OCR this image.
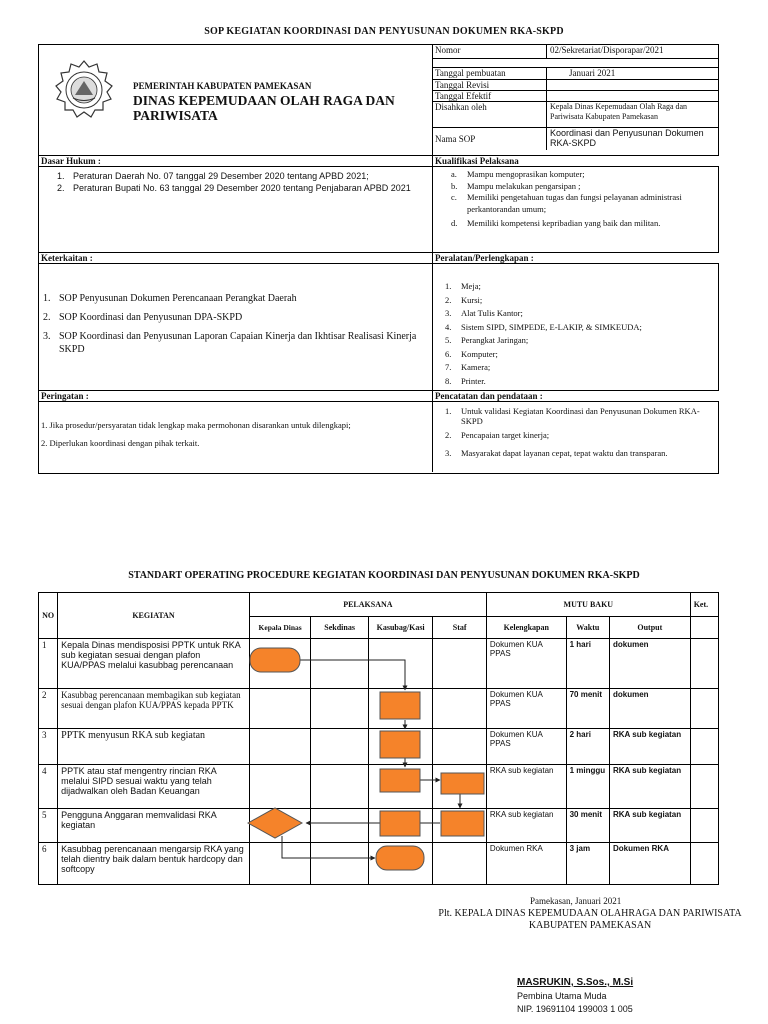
SOP KEGIATAN KOORDINASI DAN PENYUSUNAN DOKUMEN RKA-SKPD
PEMERINTAH KABUPATEN PAMEKASAN
DINAS KEPEMUDAAN OLAH RAGA DAN PARIWISATA
Nomor	02/Sekretariat/Disporapar/2021
Tanggal pembuatan	Januari 2021
Tanggal Revisi
Tanggal Efektif
Disahkan oleh	Kepala Dinas Kepemudaan Olah Raga dan Pariwisata Kabupaten Pamekasan
Nama SOP
Koordinasi dan Penyusunan Dokumen RKA-SKPD
Dasar Hukum :
1. Peraturan Daerah No. 07 tanggal 29 Desember 2020 tentang APBD 2021;
2. Peraturan Bupati No. 63 tanggal 29 Desember 2020 tentang Penjabaran APBD 2021
Kualifikasi Pelaksana
a.	Mampu mengoprasikan komputer;
b.	Mampu melakukan pengarsipan ;
c.	Memiliki pengetahuan tugas dan fungsi pelayanan administrasi perkantorandan umum;
d.	Memiliki kompetensi kepribadian yang baik dan militan.
Keterkaitan :
1. SOP Penyusunan Dokumen Perencanaan Perangkat Daerah
2. SOP Koordinasi dan Penyusunan DPA-SKPD
3. SOP Koordinasi dan Penyusunan Laporan Capaian Kinerja dan Ikhtisar Realisasi Kinerja SKPD
Peralatan/Perlengkapan :
1.	Meja;
2.	Kursi;
3.	Alat Tulis Kantor;
4.	Sistem SIPD, SIMPEDE, E-LAKIP, & SIMKEUDA;
5.	Perangkat Jaringan;
6.	Komputer;
7.	Kamera;
8.	Printer.
Peringatan :
1. Jika prosedur/persyaratan tidak lengkap maka permohonan disarankan untuk dilengkapi;
2. Diperlukan koordinasi dengan pihak terkait.
Pencatatan dan pendataan :
1.	Untuk validasi Kegiatan Koordinasi dan Penyusunan Dokumen RKA- SKPD
2.	Pencapaian target kinerja;
3.	Masyarakat dapat layanan cepat, tepat waktu dan transparan.
STANDART OPERATING PROCEDURE KEGIATAN KOORDINASI DAN PENYUSUNAN DOKUMEN RKA-SKPD
NO	KEGIATAN	PELAKSANA				MUTU BAKU			Ket.
		Kepala Dinas	Sekdinas	Kasubag/Kasi	Staf	Kelengkapan	Waktu	Output	
1	Kepala Dinas mendisposisi PPTK untuk RKA sub kegiatan sesuai dengan plafon KUA/PPAS melalui kasubbag perencanaan					Dokumen KUA PPAS	1 hari	dokumen	
2	Kasubbag perencanaan membagikan sub kegiatan sesuai dengan plafon KUA/PPAS kepada PPTK					Dokumen KUA PPAS	70 menit	dokumen	
3	PPTK menyusun RKA sub kegiatan					Dokumen KUA PPAS	2 hari	RKA sub kegiatan	
4	PPTK atau staf mengentry rincian RKA melalui SIPD sesuai waktu yang telah dijadwalkan oleh Badan Keuangan					RKA sub kegiatan	1 minggu	RKA sub kegiatan	
5	Pengguna Anggaran memvalidasi RKA kegiatan					RKA sub kegiatan	30 menit	RKA sub kegiatan	
6	Kasubbag perencanaan mengarsip RKA yang telah dientry baik dalam bentuk hardcopy dan softcopy					Dokumen RKA	3 jam	Dokumen RKA	
Pamekasan, Januari 2021
Plt. KEPALA DINAS KEPEMUDAAN OLAHRAGA DAN PARIWISATA
KABUPATEN PAMEKASAN
MASRUKIN, S.Sos., M.Si
Pembina Utama Muda
NIP. 19691104 199003 1 005
